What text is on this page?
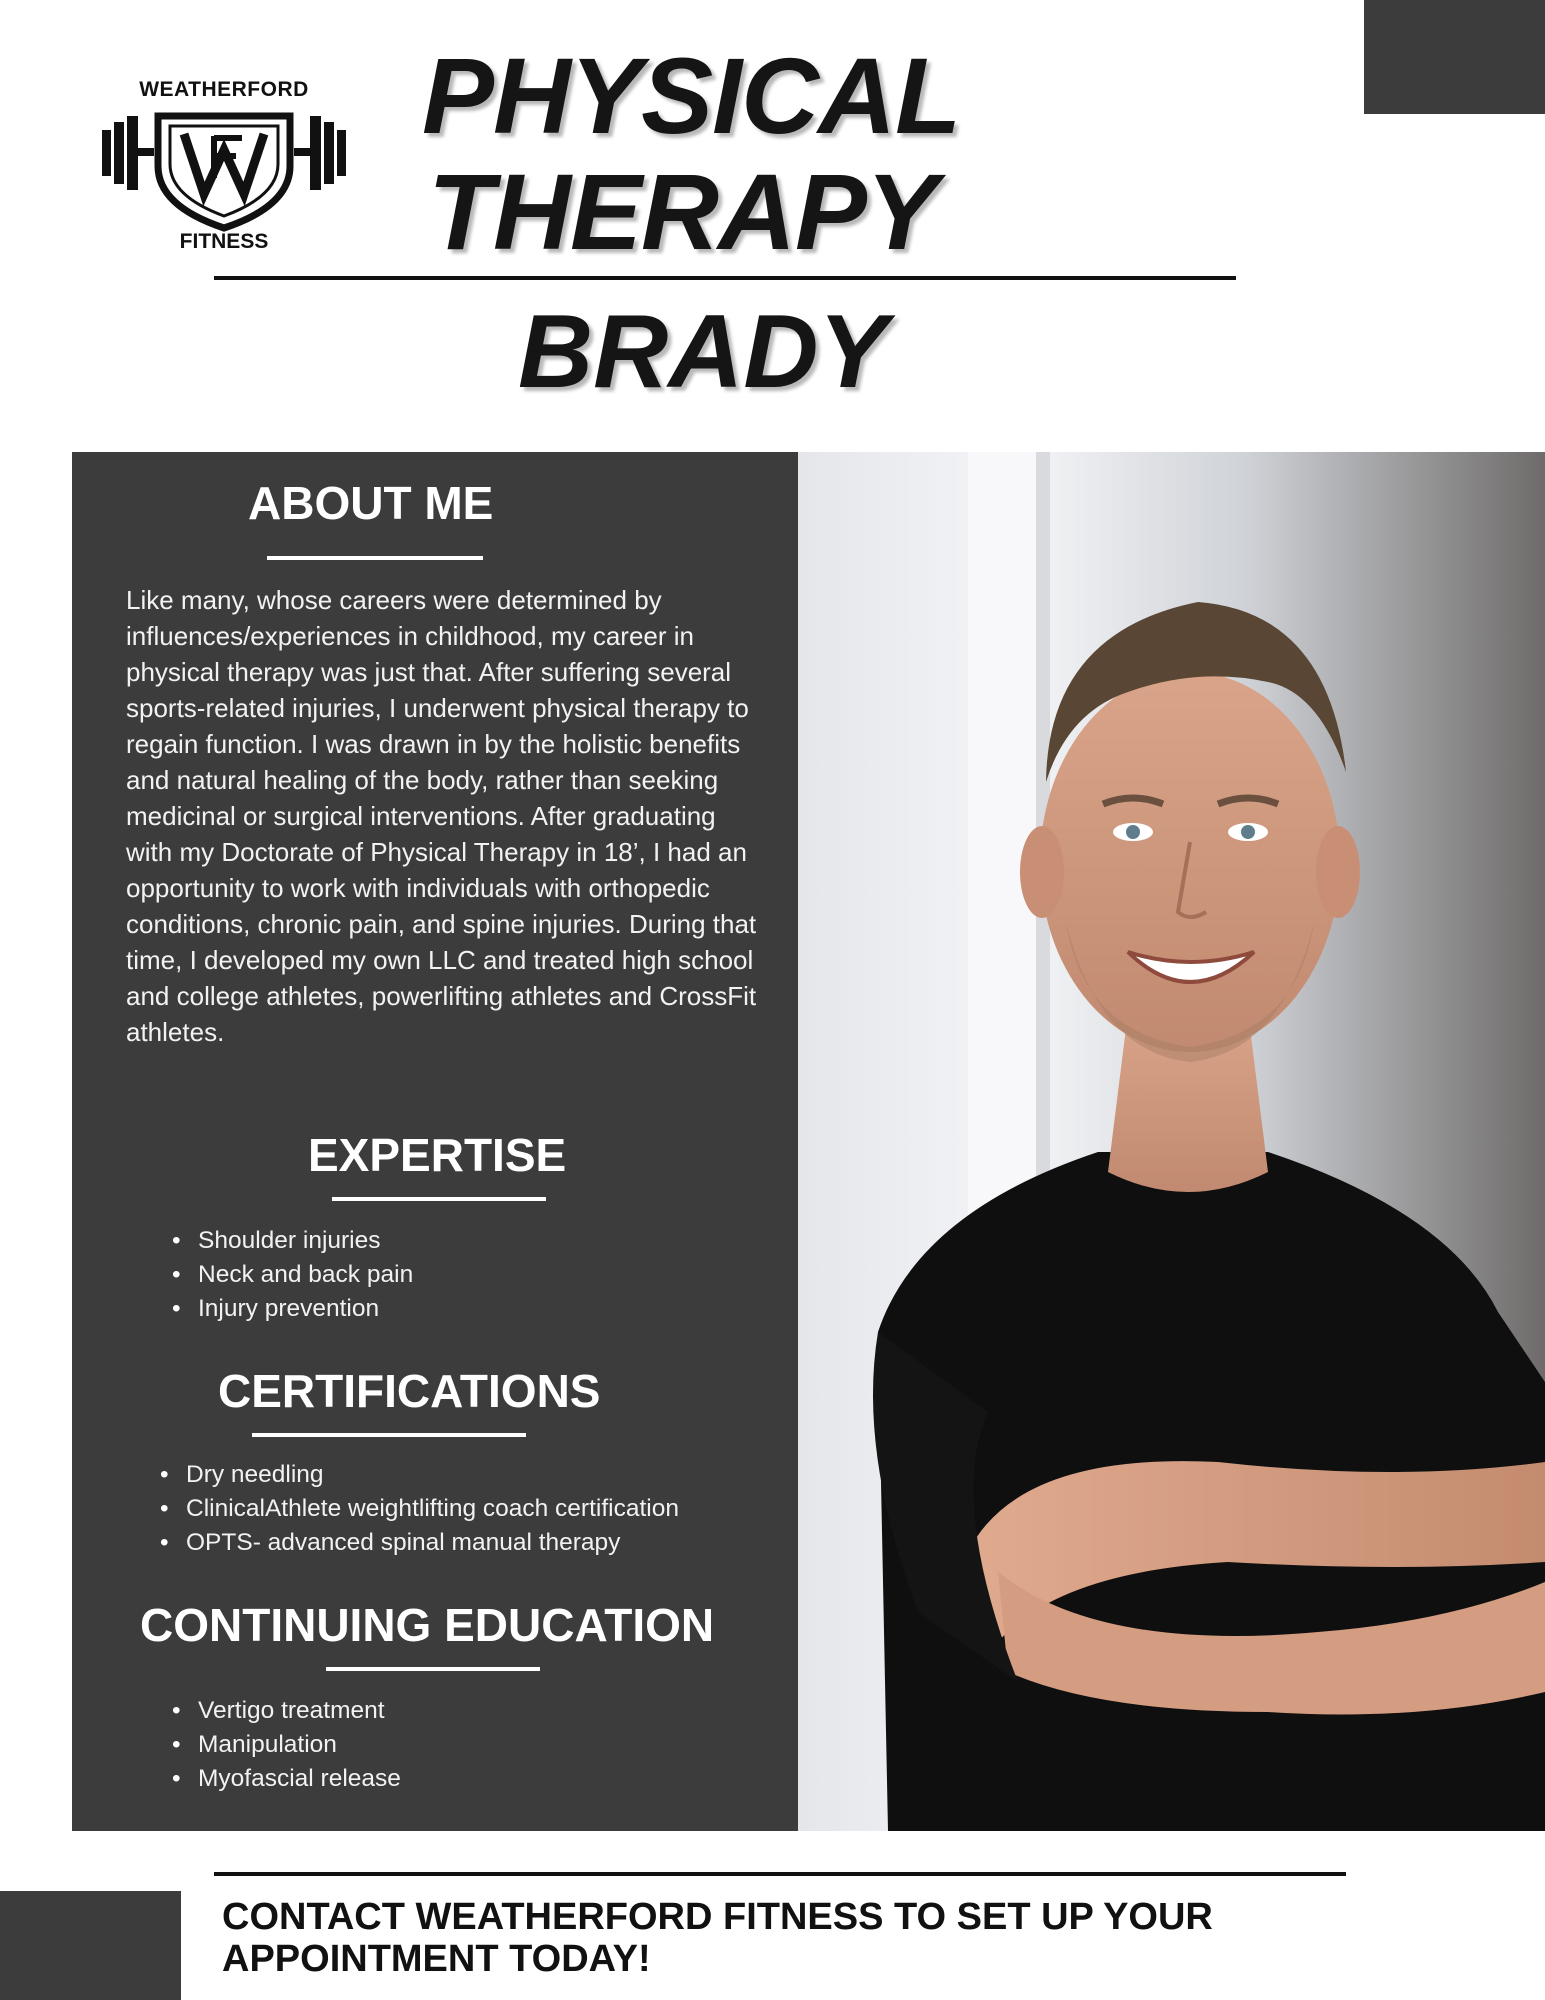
WEATHERFORD
FITNESS
PHYSICAL
THERAPY
BRADY
ABOUT ME
Like many, whose careers were determined by influences/experiences in childhood, my career in physical therapy was just that. After suffering several sports-related injuries, I underwent physical therapy to regain function. I was drawn in by the holistic benefits and natural healing of the body, rather than seeking medicinal or surgical interventions. After graduating with my Doctorate of Physical Therapy in 18’, I had an opportunity to work with individuals with orthopedic conditions, chronic pain, and spine injuries. During that time, I developed my own LLC and treated high school and college athletes, powerlifting athletes and CrossFit athletes.
EXPERTISE
• Shoulder injuries
• Neck and back pain
• Injury prevention
CERTIFICATIONS
• Dry needling
• ClinicalAthlete weightlifting coach certification
• OPTS- advanced spinal manual therapy
CONTINUING EDUCATION
• Vertigo treatment
• Manipulation
• Myofascial release
CONTACT WEATHERFORD FITNESS TO SET UP YOUR
APPOINTMENT TODAY!
